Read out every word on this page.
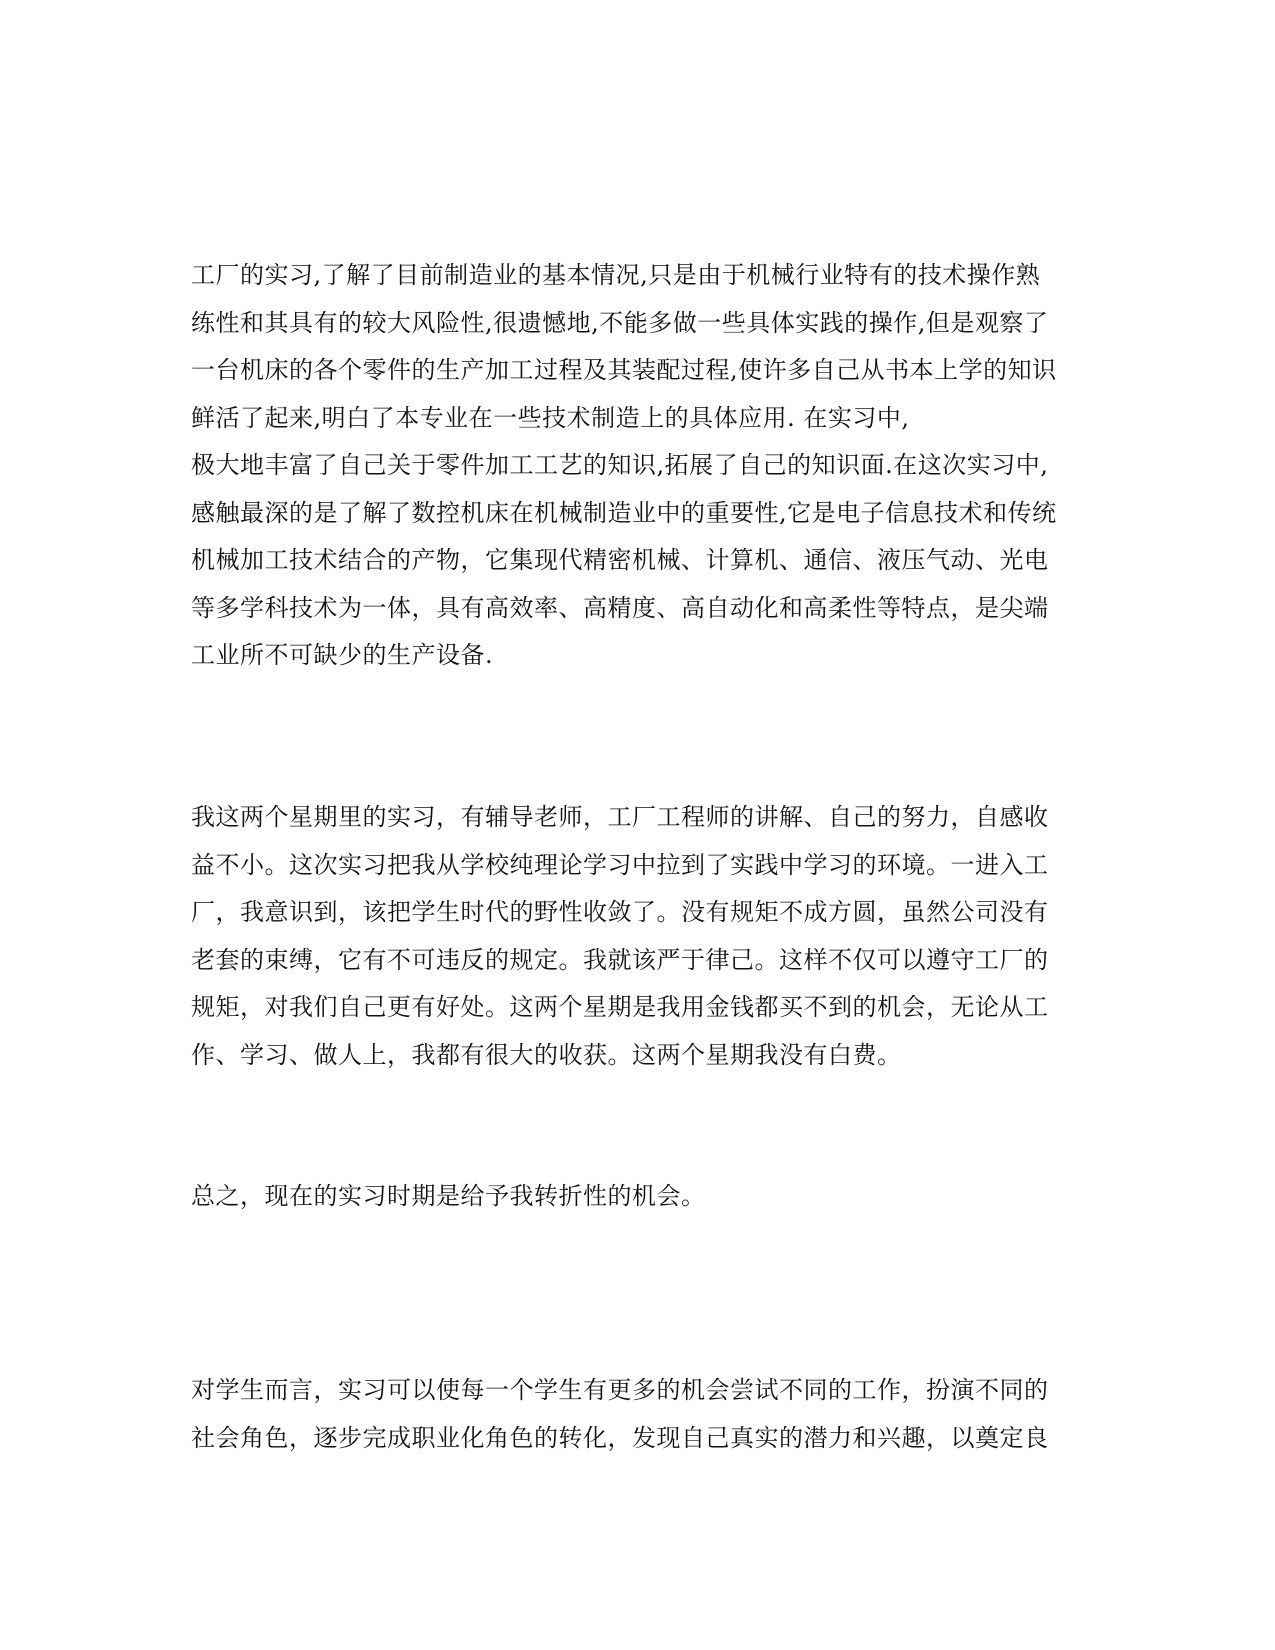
工厂的实习,了解了目前制造业的基本情况,只是由于机械行业特有的技术操作熟
练性和其具有的较大风险性,很遗憾地,不能多做一些具体实践的操作,但是观察了
一台机床的各个零件的生产加工过程及其装配过程,使许多自己从书本上学的知识
鲜活了起来,明白了本专业在一些技术制造上的具体应用. 在实习中,
极大地丰富了自己关于零件加工工艺的知识,拓展了自己的知识面.在这次实习中,
感触最深的是了解了数控机床在机械制造业中的重要性,它是电子信息技术和传统
机械加工技术结合的产物，它集现代精密机械、计算机、通信、液压气动、光电
等多学科技术为一体，具有高效率、高精度、高自动化和高柔性等特点，是尖端
工业所不可缺少的生产设备.
我这两个星期里的实习，有辅导老师，工厂工程师的讲解、自己的努力，自感收
益不小。这次实习把我从学校纯理论学习中拉到了实践中学习的环境。一进入工
厂，我意识到，该把学生时代的野性收敛了。没有规矩不成方圆，虽然公司没有
老套的束缚，它有不可违反的规定。我就该严于律己。这样不仅可以遵守工厂的
规矩，对我们自己更有好处。这两个星期是我用金钱都买不到的机会，无论从工
作、学习、做人上，我都有很大的收获。这两个星期我没有白费。
总之，现在的实习时期是给予我转折性的机会。
对学生而言，实习可以使每一个学生有更多的机会尝试不同的工作，扮演不同的
社会角色，逐步完成职业化角色的转化，发现自己真实的潜力和兴趣，以奠定良
